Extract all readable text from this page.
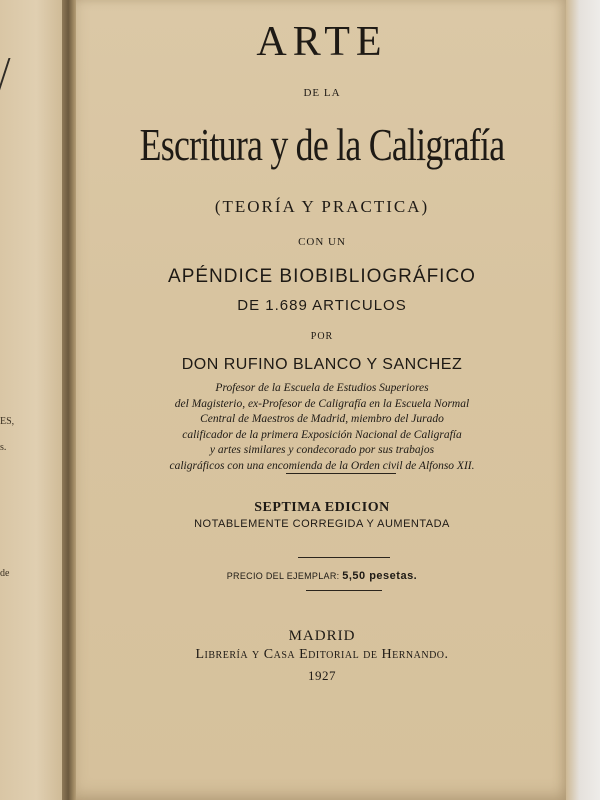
ES,
s.
de
ARTE
DE LA
Escritura y de la Caligrafía
(TEORÍA Y PRACTICA)
CON UN
APÉNDICE BIOBIBLIOGRÁFICO
DE 1.689 ARTICULOS
POR
DON RUFINO BLANCO Y SANCHEZ
Profesor de la Escuela de Estudios Superiores
del Magisterio, ex-Profesor de Caligrafía en la Escuela Normal
Central de Maestros de Madrid, miembro del Jurado
calificador de la primera Exposición Nacional de Caligrafía
y artes similares y condecorado por sus trabajos
caligráficos con una encomienda de la Orden civil de Alfonso XII.
SEPTIMA EDICION
NOTABLEMENTE CORREGIDA Y AUMENTADA
PRECIO DEL EJEMPLAR: 5,50 pesetas.
MADRID
Librería y Casa Editorial de Hernando.
1927
